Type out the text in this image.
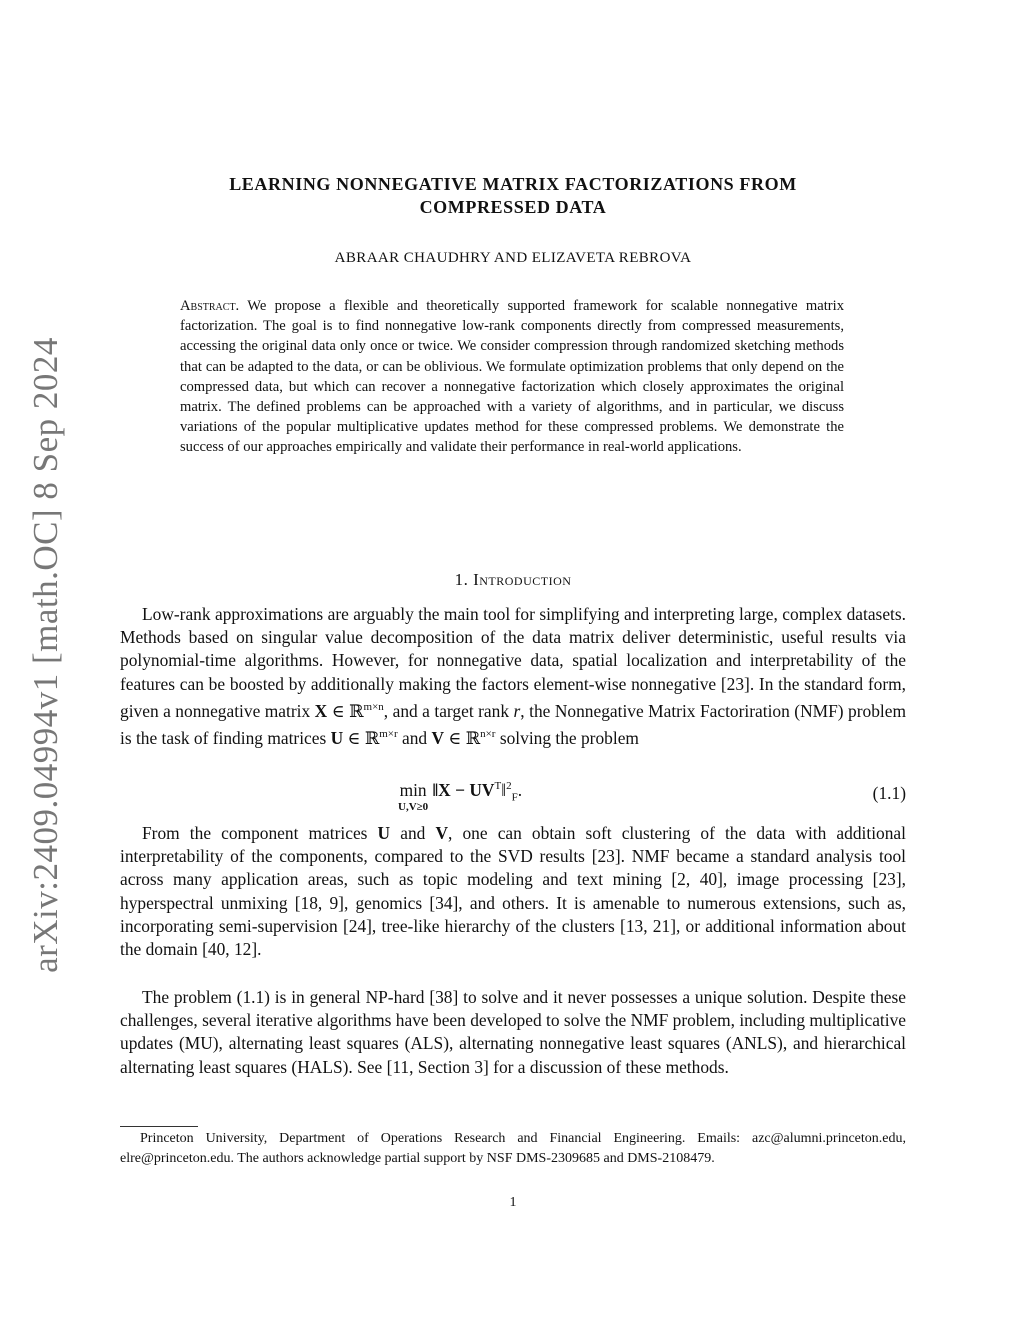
arXiv:2409.04994v1 [math.OC] 8 Sep 2024
LEARNING NONNEGATIVE MATRIX FACTORIZATIONS FROM
COMPRESSED DATA
ABRAAR CHAUDHRY AND ELIZAVETA REBROVA
Abstract. We propose a flexible and theoretically supported framework for scalable nonnegative matrix factorization. The goal is to find nonnegative low-rank components directly from compressed measurements, accessing the original data only once or twice. We consider compression through randomized sketching methods that can be adapted to the data, or can be oblivious. We formulate optimization problems that only depend on the compressed data, but which can recover a nonnegative factorization which closely approximates the original matrix. The defined problems can be approached with a variety of algorithms, and in particular, we discuss variations of the popular multiplicative updates method for these compressed problems. We demonstrate the success of our approaches empirically and validate their performance in real-world applications.
1. Introduction
Low-rank approximations are arguably the main tool for simplifying and interpreting large, complex datasets. Methods based on singular value decomposition of the data matrix deliver deterministic, useful results via polynomial-time algorithms. However, for nonnegative data, spatial localization and interpretability of the features can be boosted by additionally making the factors element-wise nonnegative [23]. In the standard form, given a nonnegative matrix X ∈ ℝ$^{m\times n}$, and a target rank r, the Nonnegative Matrix Factoriration (NMF) problem is the task of finding matrices U ∈ ℝ$^{m\times r}$ and V ∈ ℝ$^{n\times r}$ solving the problem
min
U,V≥0
‖X − $UV^T‖^2_F$.	(1.1)
From the component matrices U and V, one can obtain soft clustering of the data with additional interpretability of the components, compared to the SVD results [23]. NMF became a standard analysis tool across many application areas, such as topic modeling and text mining [2, 40], image processing [23], hyperspectral unmixing [18, 9], genomics [34], and others. It is amenable to numerous extensions, such as, incorporating semi-supervision [24], tree-like hierarchy of the clusters [13, 21], or additional information about the domain [40, 12].
The problem (1.1) is in general NP-hard [38] to solve and it never possesses a unique solution. Despite these challenges, several iterative algorithms have been developed to solve the NMF problem, including multiplicative updates (MU), alternating least squares (ALS), alternating nonnegative least squares (ANLS), and hierarchical alternating least squares (HALS). See [11, Section 3] for a discussion of these methods.
Princeton University, Department of Operations Research and Financial Engineering. Emails: azc@alumni.princeton.edu, elre@princeton.edu. The authors acknowledge partial support by NSF DMS-2309685 and DMS-2108479.
1
